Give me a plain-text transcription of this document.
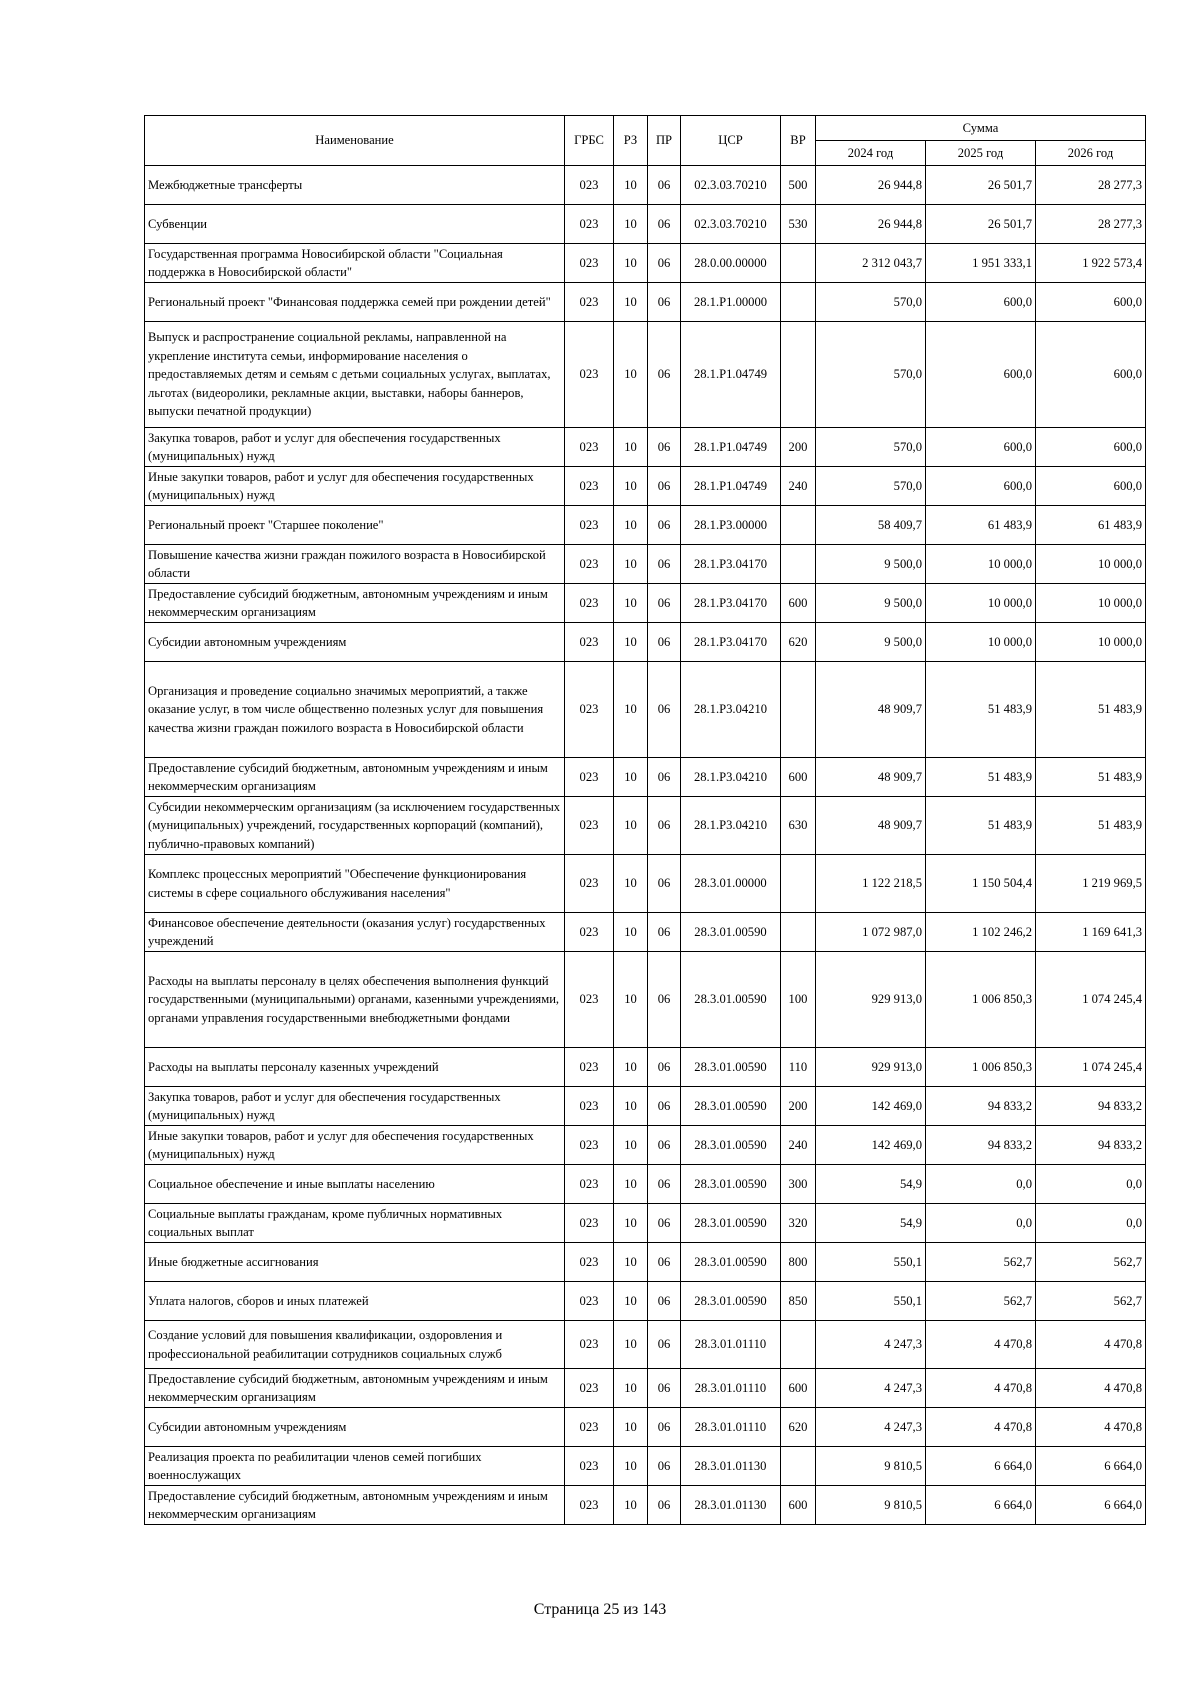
Наименование	ГРБС	РЗ	ПР	ЦСР	ВР	Сумма		
						2024 год	2025 год	2026 год
Межбюджетные трансферты	023	10	06	02.3.03.70210	500	26 944,8	26 501,7	28 277,3
Субвенции	023	10	06	02.3.03.70210	530	26 944,8	26 501,7	28 277,3
Государственная программа Новосибирской области "Социальная поддержка в Новосибирской области"	023	10	06	28.0.00.00000		2 312 043,7	1 951 333,1	1 922 573,4
Региональный проект "Финансовая поддержка семей при рождении детей"	023	10	06	28.1.Р1.00000		570,0	600,0	600,0
Выпуск и распространение социальной рекламы, направленной на укрепление института семьи, информирование населения о предоставляемых детям и семьям с детьми социальных услугах, выплатах, льготах (видеоролики, рекламные акции, выставки, наборы баннеров, выпуски печатной продукции)	023	10	06	28.1.Р1.04749		570,0	600,0	600,0
Закупка товаров, работ и услуг для обеспечения государственных (муниципальных) нужд	023	10	06	28.1.Р1.04749	200	570,0	600,0	600,0
Иные закупки товаров, работ и услуг для обеспечения государственных (муниципальных) нужд	023	10	06	28.1.Р1.04749	240	570,0	600,0	600,0
Региональный проект "Старшее поколение"	023	10	06	28.1.Р3.00000		58 409,7	61 483,9	61 483,9
Повышение качества жизни граждан пожилого возраста в Новосибирской области	023	10	06	28.1.Р3.04170		9 500,0	10 000,0	10 000,0
Предоставление субсидий бюджетным, автономным учреждениям и иным некоммерческим организациям	023	10	06	28.1.Р3.04170	600	9 500,0	10 000,0	10 000,0
Субсидии автономным учреждениям	023	10	06	28.1.Р3.04170	620	9 500,0	10 000,0	10 000,0
Организация и проведение социально значимых мероприятий, а также оказание услуг, в том числе общественно полезных услуг для повышения качества жизни граждан пожилого возраста в Новосибирской области	023	10	06	28.1.Р3.04210		48 909,7	51 483,9	51 483,9
Предоставление субсидий бюджетным, автономным учреждениям и иным некоммерческим организациям	023	10	06	28.1.Р3.04210	600	48 909,7	51 483,9	51 483,9
Субсидии некоммерческим организациям (за исключением государственных (муниципальных) учреждений, государственных корпораций (компаний), публично-правовых компаний)	023	10	06	28.1.Р3.04210	630	48 909,7	51 483,9	51 483,9
Комплекс процессных мероприятий "Обеспечение функционирования системы в сфере социального обслуживания населения"	023	10	06	28.3.01.00000		1 122 218,5	1 150 504,4	1 219 969,5
Финансовое обеспечение деятельности (оказания услуг) государственных учреждений	023	10	06	28.3.01.00590		1 072 987,0	1 102 246,2	1 169 641,3
Расходы на выплаты персоналу в целях обеспечения выполнения функций государственными (муниципальными) органами, казенными учреждениями, органами управления государственными внебюджетными фондами	023	10	06	28.3.01.00590	100	929 913,0	1 006 850,3	1 074 245,4
Расходы на выплаты персоналу казенных учреждений	023	10	06	28.3.01.00590	110	929 913,0	1 006 850,3	1 074 245,4
Закупка товаров, работ и услуг для обеспечения государственных (муниципальных) нужд	023	10	06	28.3.01.00590	200	142 469,0	94 833,2	94 833,2
Иные закупки товаров, работ и услуг для обеспечения государственных (муниципальных) нужд	023	10	06	28.3.01.00590	240	142 469,0	94 833,2	94 833,2
Социальное обеспечение и иные выплаты населению	023	10	06	28.3.01.00590	300	54,9	0,0	0,0
Социальные выплаты гражданам, кроме публичных нормативных социальных выплат	023	10	06	28.3.01.00590	320	54,9	0,0	0,0
Иные бюджетные ассигнования	023	10	06	28.3.01.00590	800	550,1	562,7	562,7
Уплата налогов, сборов и иных платежей	023	10	06	28.3.01.00590	850	550,1	562,7	562,7
Создание условий для повышения квалификации, оздоровления и профессиональной реабилитации сотрудников социальных служб	023	10	06	28.3.01.01110		4 247,3	4 470,8	4 470,8
Предоставление субсидий бюджетным, автономным учреждениям и иным некоммерческим организациям	023	10	06	28.3.01.01110	600	4 247,3	4 470,8	4 470,8
Субсидии автономным учреждениям	023	10	06	28.3.01.01110	620	4 247,3	4 470,8	4 470,8
Реализация проекта по реабилитации членов семей погибших военнослужащих	023	10	06	28.3.01.01130		9 810,5	6 664,0	6 664,0
Предоставление субсидий бюджетным, автономным учреждениям и иным некоммерческим организациям	023	10	06	28.3.01.01130	600	9 810,5	6 664,0	6 664,0
Страница 25 из 143
